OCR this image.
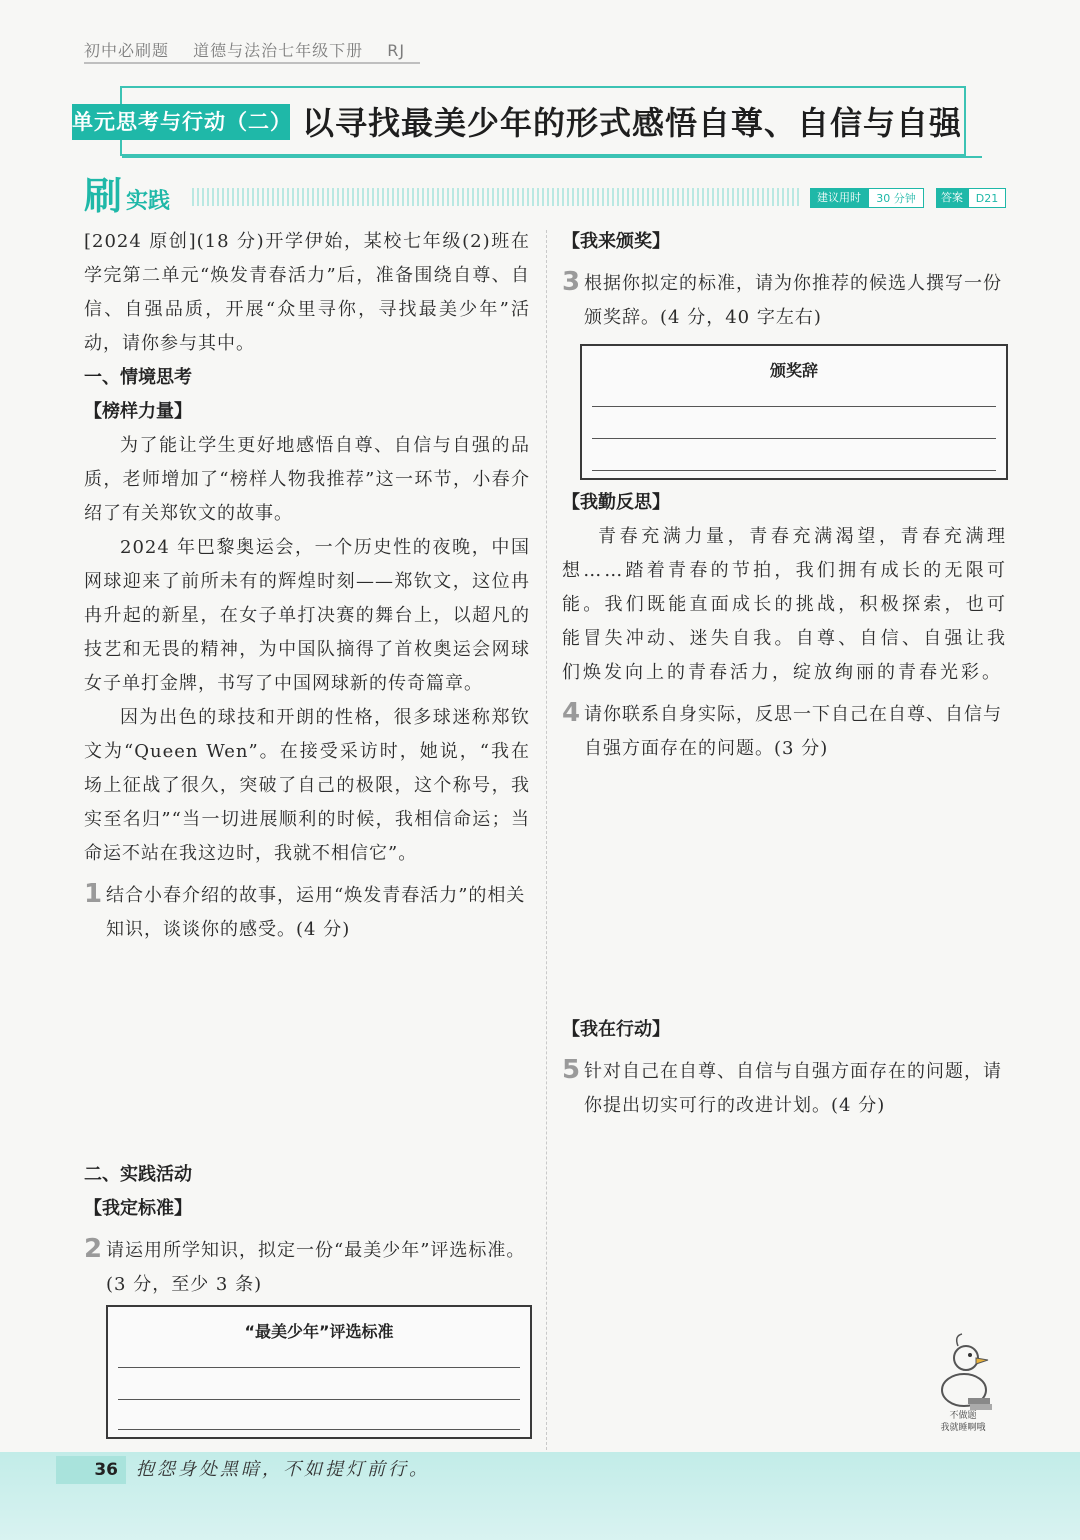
初中必刷题 道德与法治七年级下册 RJ
单元思考与行动（二） 以寻找最美少年的形式感悟自尊、自信与自强
刷 实践	建议用时	30 分钟	答案	D21

[2024 原创](18 分)开学伊始，某校七年级(2)班在学完第二单元“焕发青春活力”后，准备围绕自尊、自信、自强品质，开展“众里寻你，寻找最美少年”活动，请你参与其中。

一、情境思考
【榜样力量】

为了能让学生更好地感悟自尊、自信与自强的品质，老师增加了“榜样人物我推荐”这一环节，小春介绍了有关郑钦文的故事。

2024 年巴黎奥运会，一个历史性的夜晚，中国网球迎来了前所未有的辉煌时刻——郑钦文，这位冉冉升起的新星，在女子单打决赛的舞台上，以超凡的技艺和无畏的精神，为中国队摘得了首枚奥运会网球女子单打金牌，书写了中国网球新的传奇篇章。

因为出色的球技和开朗的性格，很多球迷称郑钦文为“Queen Wen”。在接受采访时，她说，“我在场上征战了很久，突破了自己的极限，这个称号，我实至名归”“当一切进展顺利的时候，我相信命运；当命运不站在我这边时，我就不相信它”。

1 结合小春介绍的故事，运用“焕发青春活力”的相关知识，谈谈你的感受。(4 分)
二、实践活动
【我定标准】
2 请运用所学知识，拟定一份“最美少年”评选标准。(3 分，至少 3 条)
“最美少年”评选标准
【我来颁奖】
3 根据你拟定的标准，请为你推荐的候选人撰写一份颁奖辞。(4 分，40 字左右)
颁奖辞
【我勤反思】

青春充满力量，青春充满渴望，青春充满理想……踏着青春的节拍，我们拥有成长的无限可能。我们既能直面成长的挑战，积极探索，也可能冒失冲动、迷失自我。自尊、自信、自强让我们焕发向上的青春活力，绽放绚丽的青春光彩。

4 请你联系自身实际，反思一下自己在自尊、自信与自强方面存在的问题。(3 分)
【我在行动】
5 针对自己在自尊、自信与自强方面存在的问题，请你提出切实可行的改进计划。(4 分)
不做题
我就睡啊哦
36	抱怨身处黑暗，不如提灯前行。
